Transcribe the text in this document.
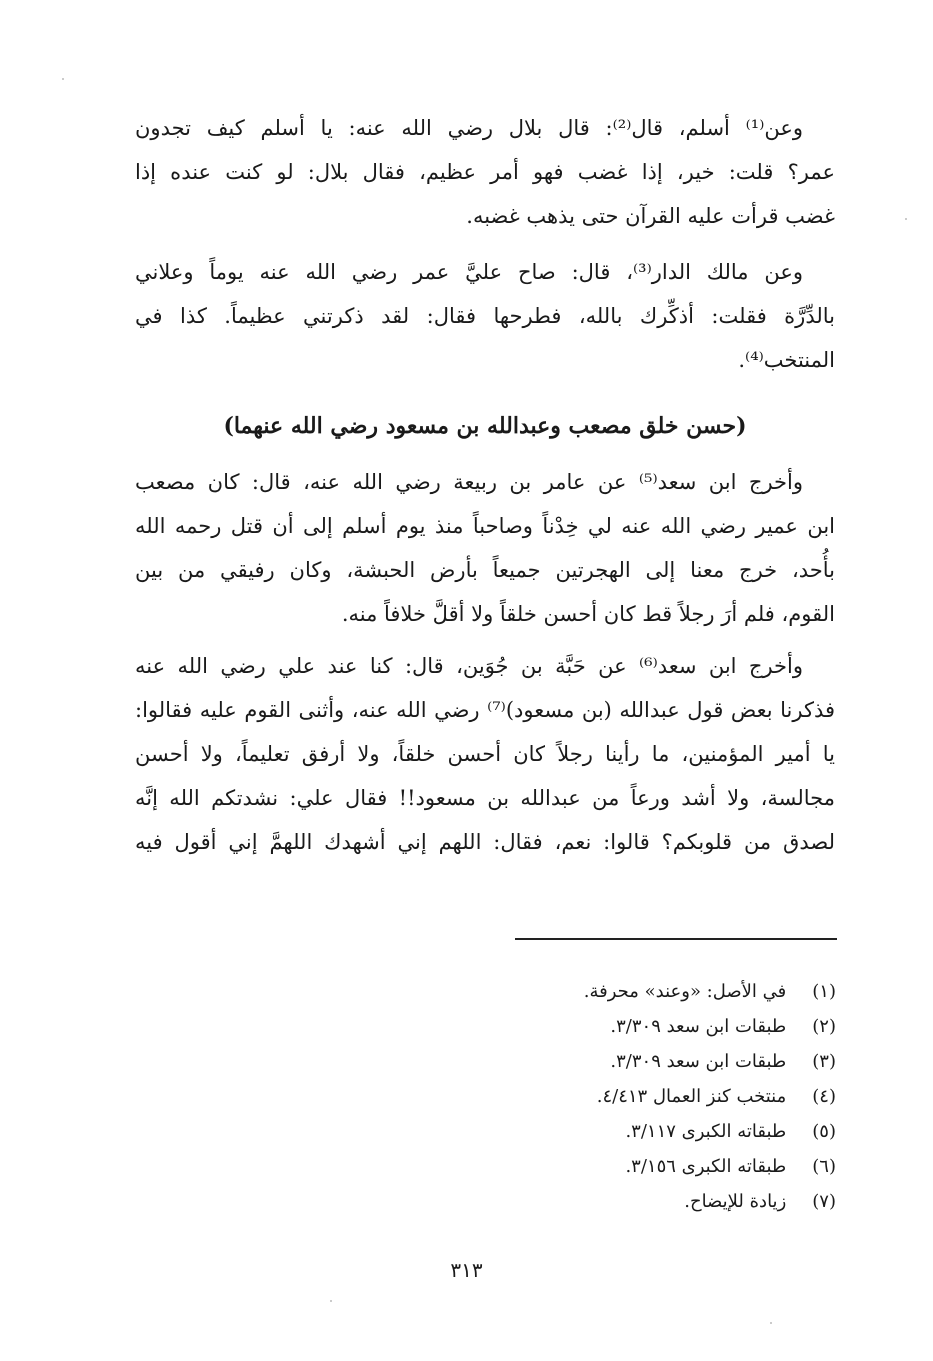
وعن⁽¹⁾ أسلم، قال⁽²⁾: قال بلال رضي الله عنه: يا أسلم كيف تجدون
عمر؟ قلت: خير، إذا غضب فهو أمر عظيم، فقال بلال: لو كنت عنده إذا
غضب قرأت عليه القرآن حتى يذهب غضبه.
وعن مالك الدار⁽³⁾، قال: صاح عليَّ عمر رضي الله عنه يوماً وعلاني
بالدِّرَّة فقلت: أذكِّرك بالله، فطرحها فقال: لقد ذكرتني عظيماً. كذا في
المنتخب⁽⁴⁾.
(حسن خلق مصعب وعبدالله بن مسعود رضي الله عنهما)
وأخرج ابن سعد⁽⁵⁾ عن عامر بن ربيعة رضي الله عنه، قال: كان مصعب
ابن عمير رضي الله عنه لي خِدْناً وصاحباً منذ يوم أسلم إلى أن قتل رحمه الله
بأُحد، خرج معنا إلى الهجرتين جميعاً بأرض الحبشة، وكان رفيقي من بين
القوم، فلم أرَ رجلاً قط كان أحسن خلقاً ولا أقلَّ خلافاً منه.
وأخرج ابن سعد⁽⁶⁾ عن حَبَّة بن جُوَين، قال: كنا عند علي رضي الله عنه
فذكرنا بعض قول عبدالله (بن مسعود)⁽⁷⁾ رضي الله عنه، وأثنى القوم عليه فقالوا:
يا أمير المؤمنين، ما رأينا رجلاً كان أحسن خلقاً، ولا أرفق تعليماً، ولا أحسن
مجالسة، ولا أشد ورعاً من عبدالله بن مسعود!! فقال علي: نشدتكم الله إنَّه
لصدق من قلوبكم؟ قالوا: نعم، فقال: اللهم إني أشهدك اللهمَّ إني أقول فيه
(١) في الأصل: «وعند» محرفة.
(٢) طبقات ابن سعد ٣/٣٠٩.
(٣) طبقات ابن سعد ٣/٣٠٩.
(٤) منتخب كنز العمال ٤/٤١٣.
(٥) طبقاته الكبرى ٣/١١٧.
(٦) طبقاته الكبرى ٣/١٥٦.
(٧) زيادة للإيضاح.
٣١٣
